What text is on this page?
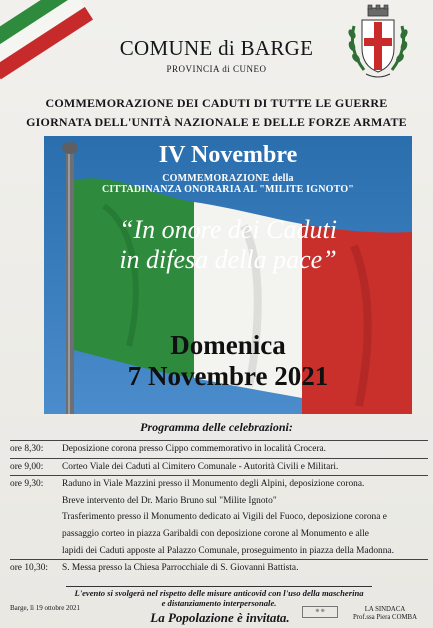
COMUNE di BARGE
PROVINCIA di CUNEO
COMMEMORAZIONE DEI CADUTI DI TUTTE LE GUERRE
GIORNATA DELL'UNITÀ NAZIONALE E DELLE FORZE ARMATE
IV Novembre
COMMEMORAZIONE della
CITTADINANZA ONORARIA AL "MILITE IGNOTO"
“In onore dei Caduti
in difesa della pace”
Domenica
7 Novembre 2021
Programma delle celebrazioni:
ore 8,30:	Deposizione corona presso Cippo commemorativo in località Crocera.
ore 9,00:	Corteo Viale dei Caduti al Cimitero Comunale - Autorità Civili e Militari.
ore 9,30:	Raduno in Viale Mazzini presso il Monumento degli Alpini, deposizione corona.
Breve intervento del Dr. Mario Bruno sul "Milite Ignoto"
Trasferimento presso il Monumento dedicato ai Vigili del Fuoco, deposizione corona e
passaggio corteo in piazza Garibaldi con deposizione corone al Monumento e alle
lapidi dei Caduti apposte al Palazzo Comunale, proseguimento in piazza della Madonna.
ore 10,30:	S. Messa presso la Chiesa Parrocchiale di S. Giovanni Battista.
L'evento si svolgerà nel rispetto delle misure anticovid con l'uso della mascherina
e distanziamento interpersonale.
Barge, lì 19 ottobre 2021
La Popolazione è invitata.	⊕ ⊕	LA SINDACA
Prof.ssa Piera COMBA
